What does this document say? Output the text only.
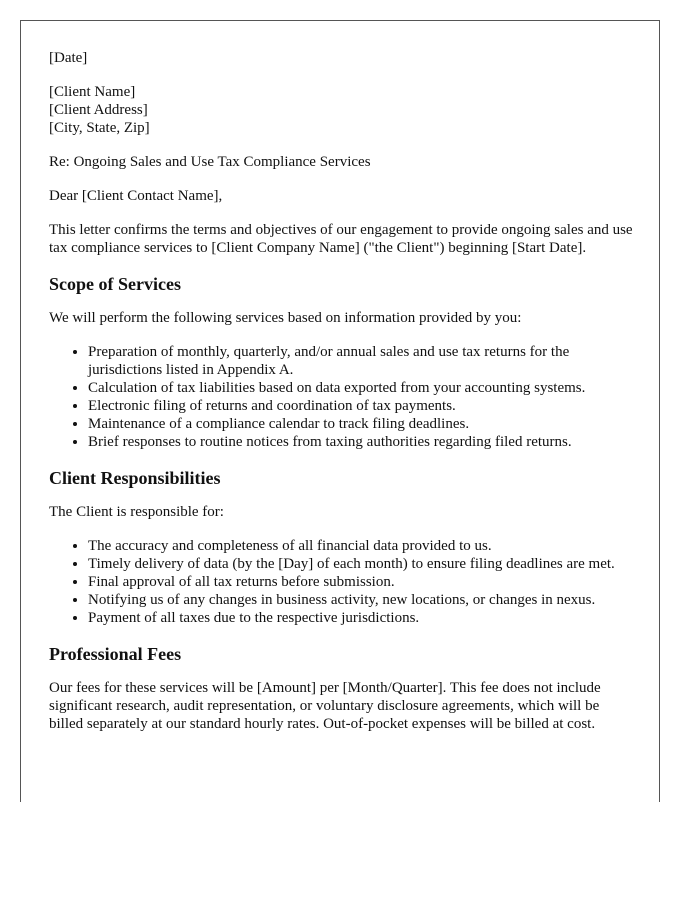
[Date]

[Client Name]

[Client Address]

[City, State, Zip]

Re: Ongoing Sales and Use Tax Compliance Services

Dear [Client Contact Name],

This letter confirms the terms and objectives of our engagement to provide ongoing sales and use tax compliance services to [Client Company Name] ("the Client") beginning [Start Date].

Scope of Services

We will perform the following services based on information provided by you:

• Preparation of monthly, quarterly, and/or annual sales and use tax returns for the jurisdictions listed in Appendix A.
• Calculation of tax liabilities based on data exported from your accounting systems.
• Electronic filing of returns and coordination of tax payments.
• Maintenance of a compliance calendar to track filing deadlines.
• Brief responses to routine notices from taxing authorities regarding filed returns.
Client Responsibilities

The Client is responsible for:

• The accuracy and completeness of all financial data provided to us.
• Timely delivery of data (by the [Day] of each month) to ensure filing deadlines are met.
• Final approval of all tax returns before submission.
• Notifying us of any changes in business activity, new locations, or changes in nexus.
• Payment of all taxes due to the respective jurisdictions.
Professional Fees

Our fees for these services will be [Amount] per [Month/Quarter]. This fee does not include significant research, audit representation, or voluntary disclosure agreements, which will be billed separately at our standard hourly rates. Out-of-pocket expenses will be billed at cost.
